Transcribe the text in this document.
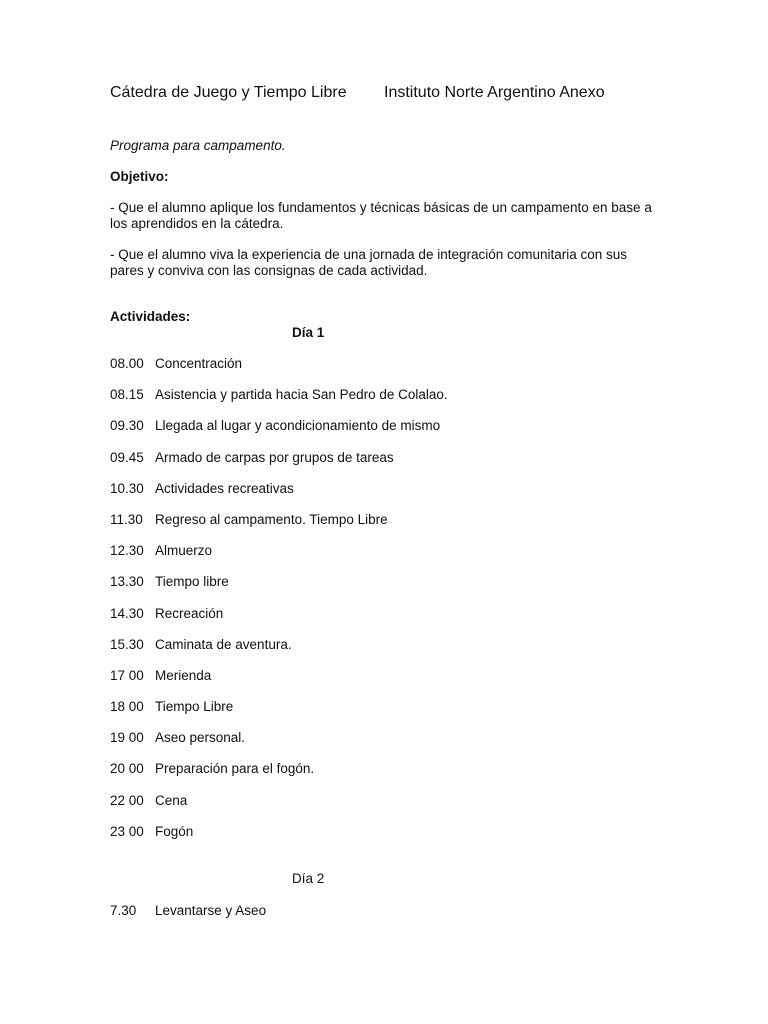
Cátedra de Juego y Tiempo Libre Instituto Norte Argentino Anexo
Programa para campamento.
Objetivo:
- Que el alumno aplique los fundamentos y técnicas básicas de un campamento en base a los aprendidos en la cátedra.
- Que el alumno viva la experiencia de una jornada de integración comunitaria con sus pares y conviva con las consignas de cada actividad.
Actividades:
Día 1
08.00 Concentración
08.15 Asistencia y partida hacia San Pedro de Colalao.
09.30 Llegada al lugar y acondicionamiento de mismo
09.45 Armado de carpas por grupos de tareas
10.30 Actividades recreativas
11.30 Regreso al campamento. Tiempo Libre
12.30 Almuerzo
13.30 Tiempo libre
14.30 Recreación
15.30 Caminata de aventura.
17 00 Merienda
18 00 Tiempo Libre
19 00 Aseo personal.
20 00 Preparación para el fogón.
22 00 Cena
23 00 Fogón
Día 2
7.30 Levantarse y Aseo
